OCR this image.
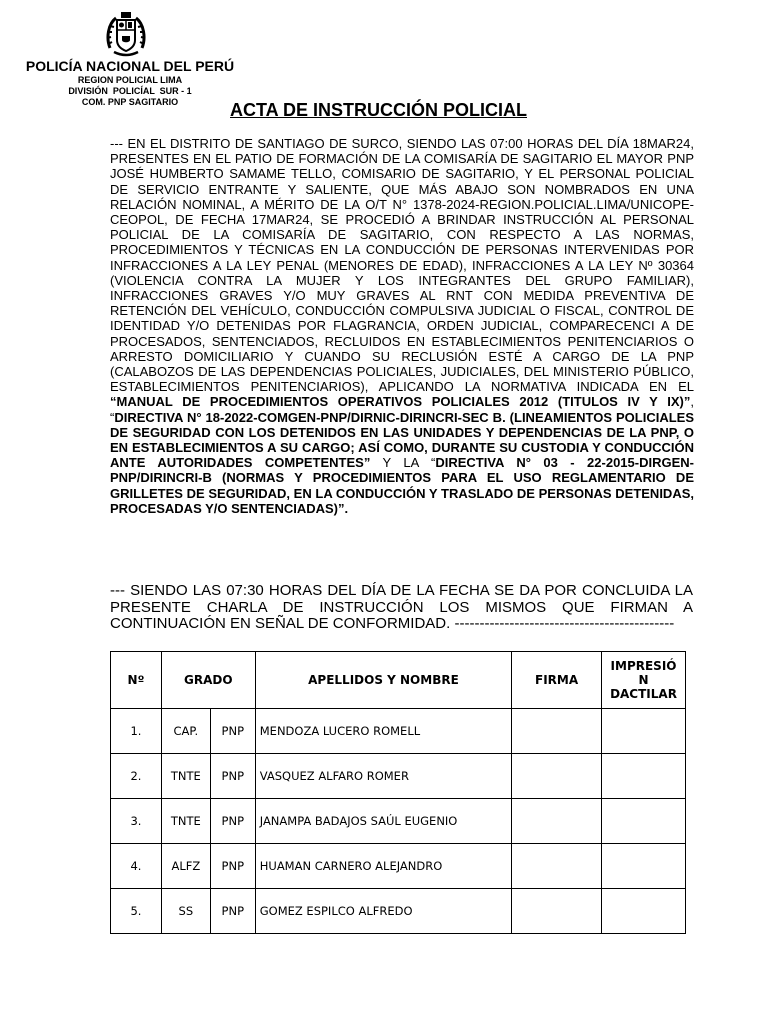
POLICÍA NACIONAL DEL PERÚ
REGION POLICIAL LIMA
DIVISIÓN  POLICÍAL  SUR - 1
COM. PNP SAGITARIO	ACTA DE INSTRUCCIÓN POLICIAL
--- EN EL DISTRITO DE SANTIAGO DE SURCO, SIENDO LAS 07:00 HORAS DEL DÍA 18MAR24, PRESENTES EN EL PATIO DE FORMACIÓN DE LA COMISARÍA DE SAGITARIO EL MAYOR PNP JOSÉ HUMBERTO SAMAME TELLO, COMISARIO DE SAGITARIO, Y EL PERSONAL POLICIAL DE SERVICIO ENTRANTE Y SALIENTE, QUE MÁS ABAJO SON NOMBRADOS EN UNA RELACIÓN NOMINAL, A MÉRITO DE LA O/T N° 1378-2024-REGION.POLICIAL.LIMA/UNICOPE-CEOPOL, DE FECHA 17MAR24, SE PROCEDIÓ A BRINDAR INSTRUCCIÓN AL PERSONAL POLICIAL DE LA COMISARÍA DE SAGITARIO, CON RESPECTO A LAS NORMAS, PROCEDIMIENTOS Y TÉCNICAS EN LA CONDUCCIÓN DE PERSONAS INTERVENIDAS POR INFRACCIONES A LA LEY PENAL (MENORES DE EDAD), INFRACCIONES A LA LEY Nº 30364 (VIOLENCIA CONTRA LA MUJER Y LOS INTEGRANTES DEL GRUPO FAMILIAR), INFRACCIONES GRAVES Y/O MUY GRAVES AL RNT CON MEDIDA PREVENTIVA DE RETENCIÓN DEL VEHÍCULO, CONDUCCIÓN COMPULSIVA JUDICIAL O FISCAL, CONTROL DE IDENTIDAD Y/O DETENIDAS POR FLAGRANCIA, ORDEN JUDICIAL, COMPARECENCI A DE PROCESADOS, SENTENCIADOS, RECLUIDOS EN ESTABLECIMIENTOS PENITENCIARIOS O ARRESTO DOMICILIARIO Y CUANDO SU RECLUSIÓN ESTÉ A CARGO DE LA PNP (CALABOZOS DE LAS DEPENDENCIAS POLICIALES, JUDICIALES, DEL MINISTERIO PÚBLICO, ESTABLECIMIENTOS PENITENCIARIOS), APLICANDO LA NORMATIVA INDICADA EN EL “MANUAL DE PROCEDIMIENTOS OPERATIVOS POLICIALES 2012 (TITULOS IV Y IX)”, “DIRECTIVA N° 18-2022-COMGEN-PNP/DIRNIC-DIRINCRI-SEC B. (LINEAMIENTOS POLICIALES DE SEGURIDAD CON LOS DETENIDOS EN LAS UNIDADES Y DEPENDENCIAS DE LA PNP, O EN ESTABLECIMIENTOS A SU CARGO; ASÍ COMO, DURANTE SU CUSTODIA Y CONDUCCIÓN ANTE AUTORIDADES COMPETENTES” Y LA “DIRECTIVA N° 03 - 22-2015-DIRGEN-PNP/DIRINCRI-B (NORMAS Y PROCEDIMIENTOS PARA EL USO REGLAMENTARIO DE GRILLETES DE SEGURIDAD, EN LA CONDUCCIÓN Y TRASLADO DE PERSONAS DETENIDAS, PROCESADAS Y/O SENTENCIADAS)”.
--- SIENDO LAS 07:30 HORAS DEL DÍA DE LA FECHA SE DA POR CONCLUIDA LA PRESENTE CHARLA DE INSTRUCCIÓN LOS MISMOS QUE FIRMAN A CONTINUACIÓN EN SEÑAL DE CONFORMIDAD. --------------------------------------------
Nº	GRADO		APELLIDOS Y NOMBRE	FIRMA	IMPRESIÓ
N
DACTILAR

1.	CAP.	PNP	MENDOZA LUCERO ROMELL		
2.	TNTE	PNP	VASQUEZ ALFARO ROMER		
3.	TNTE	PNP	JANAMPA BADAJOS SAÚL EUGENIO		
4.	ALFZ	PNP	HUAMAN CARNERO ALEJANDRO		
5.	SS	PNP	GOMEZ ESPILCO ALFREDO		
